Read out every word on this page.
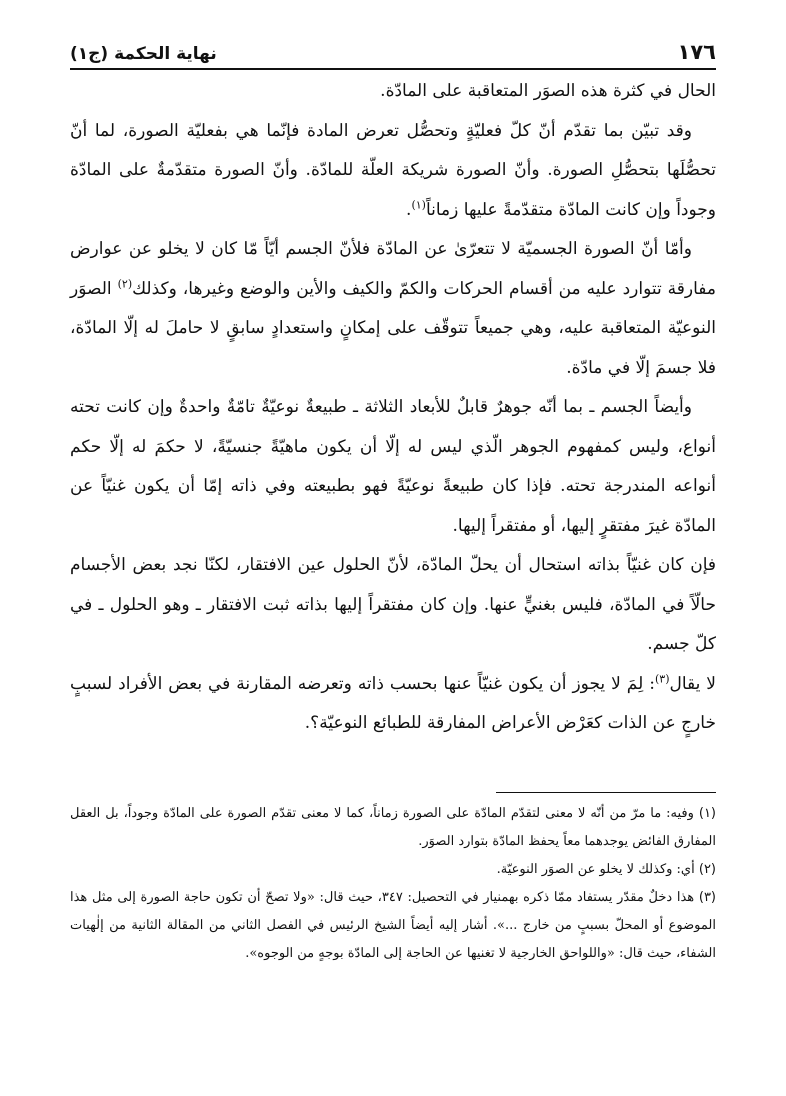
١٧٦
نهاية الحكمة (ج١)

الحال في كثرة هذه الصوَر المتعاقبة على المادّة.

وقد تبيّن بما تقدّم أنّ كلّ فعليّةٍ وتحصُّل تعرض المادة فإنّما هي بفعليّة الصورة، لما أنّ تحصُّلَها بتحصُّلِ الصورة. وأنّ الصورة شريكة العلّة للمادّة. وأنّ الصورة متقدّمةٌ على المادّة وجوداً وإن كانت المادّة متقدّمةً عليها زماناً$^{(١)}$.

وأمّا أنّ الصورة الجسميّة لا تتعرّىٰ عن المادّة فلأنّ الجسم أيّاً مّا كان لا يخلو عن عوارض مفارقة تتوارد عليه من أقسام الحركات والكمّ والكيف والأين والوضع وغيرها، وكذلك$^{(٢)}$ الصوَر النوعيّة المتعاقبة عليه، وهي جميعاً تتوقّف على إمكانٍ واستعدادٍ سابقٍ لا حاملَ له إلّا المادّة، فلا جسمَ إلّا في مادّة.

وأيضاً الجسم ـ بما أنّه جوهرٌ قابلٌ للأبعاد الثلاثة ـ طبيعةٌ نوعيّةٌ تامّةٌ واحدةٌ وإن كانت تحته أنواع، وليس كمفهوم الجوهر الّذي ليس له إلّا أن يكون ماهيّةً جنسيّةً، لا حكمَ له إلّا حكم أنواعه المندرجة تحته. فإذا كان طبيعةً نوعيّةً فهو بطبيعته وفي ذاته إمّا أن يكون غنيّاً عن المادّة غيرَ مفتقرٍ إليها، أو مفتقراً إليها.

فإن كان غنيّاً بذاته استحال أن يحلّ المادّة، لأنّ الحلول عين الافتقار، لكنّا نجد بعض الأجسام حالّاً في المادّة، فليس بغنيٍّ عنها. وإن كان مفتقراً إليها بذاته ثبت الافتقار ـ وهو الحلول ـ في كلّ جسم.

لا يقال$^{(٣)}$: لِمَ لا يجوز أن يكون غنيّاً عنها بحسب ذاته وتعرضه المقارنة في بعض الأفراد لسببٍ خارجٍ عن الذات كعَرْض الأعراض المفارقة للطبائع النوعيّة؟.

(١) وفيه: ما مرّ من أنّه لا معنى لتقدّم المادّة على الصورة زماناً، كما لا معنى تقدّم الصورة على المادّة وجوداً، بل العقل المفارق الفائض يوجدهما معاً يحفظ المادّة بتوارد الصوَر.

(٢) أي: وكذلك لا يخلو عن الصوَر النوعيّة.

(٣) هذا دخلٌ مقدّر يستفاد ممّا ذكره بهمنيار في التحصيل: ٣٤٧، حيث قال: «ولا تصحّ أن تكون حاجة الصورة إلى مثل هذا الموضوع أو المحلّ بسببٍ من خارج ...». أشار إليه أيضاً الشيخ الرئيس في الفصل الثاني من المقالة الثانية من إلٰهيات الشفاء، حيث قال: «واللواحق الخارجية لا تغنيها عن الحاجة إلى المادّة بوجهٍ من الوجوه».
